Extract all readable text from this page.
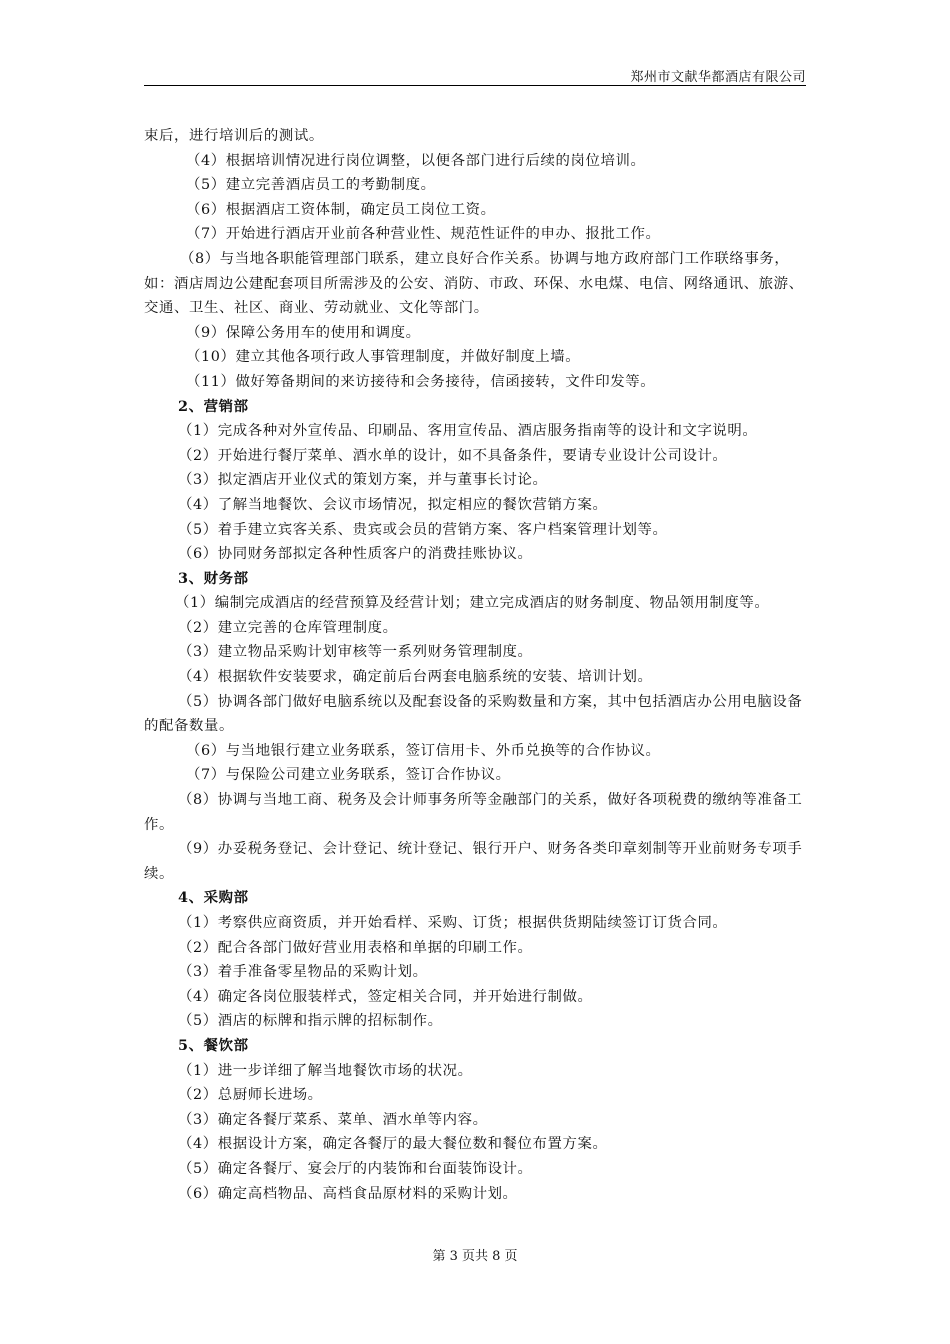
郑州市文献华都酒店有限公司

束后，进行培训后的测试。

（4）根据培训情况进行岗位调整，以便各部门进行后续的岗位培训。

（5）建立完善酒店员工的考勤制度。

（6）根据酒店工资体制，确定员工岗位工资。

（7）开始进行酒店开业前各种营业性、规范性证件的申办、报批工作。

（8）与当地各职能管理部门联系，建立良好合作关系。协调与地方政府部门工作联络事务，如：酒店周边公建配套项目所需涉及的公安、消防、市政、环保、水电煤、电信、网络通讯、旅游、交通、卫生、社区、商业、劳动就业、文化等部门。

（9）保障公务用车的使用和调度。

（10）建立其他各项行政人事管理制度，并做好制度上墙。

（11）做好筹备期间的来访接待和会务接待，信函接转，文件印发等。

2、营销部

（1）完成各种对外宣传品、印刷品、客用宣传品、酒店服务指南等的设计和文字说明。

（2）开始进行餐厅菜单、酒水单的设计，如不具备条件，要请专业设计公司设计。

（3）拟定酒店开业仪式的策划方案，并与董事长讨论。

（4）了解当地餐饮、会议市场情况，拟定相应的餐饮营销方案。

（5）着手建立宾客关系、贵宾或会员的营销方案、客户档案管理计划等。

（6）协同财务部拟定各种性质客户的消费挂账协议。

3、财务部

（1）编制完成酒店的经营预算及经营计划；建立完成酒店的财务制度、物品领用制度等。

（2）建立完善的仓库管理制度。

（3）建立物品采购计划审核等一系列财务管理制度。

（4）根据软件安装要求，确定前后台两套电脑系统的安装、培训计划。

（5）协调各部门做好电脑系统以及配套设备的采购数量和方案，其中包括酒店办公用电脑设备的配备数量。

（6）与当地银行建立业务联系，签订信用卡、外币兑换等的合作协议。

（7）与保险公司建立业务联系，签订合作协议。

（8）协调与当地工商、税务及会计师事务所等金融部门的关系，做好各项税费的缴纳等准备工作。

（9）办妥税务登记、会计登记、统计登记、银行开户、财务各类印章刻制等开业前财务专项手续。

4、采购部

（1）考察供应商资质，并开始看样、采购、订货；根据供货期陆续签订订货合同。

（2）配合各部门做好营业用表格和单据的印刷工作。

（3）着手准备零星物品的采购计划。

（4）确定各岗位服装样式，签定相关合同，并开始进行制做。

（5）酒店的标牌和指示牌的招标制作。

5、餐饮部

（1）进一步详细了解当地餐饮市场的状况。

（2）总厨师长进场。

（3）确定各餐厅菜系、菜单、酒水单等内容。

（4）根据设计方案，确定各餐厅的最大餐位数和餐位布置方案。

（5）确定各餐厅、宴会厅的内装饰和台面装饰设计。

（6）确定高档物品、高档食品原材料的采购计划。

第 3 页共 8 页
